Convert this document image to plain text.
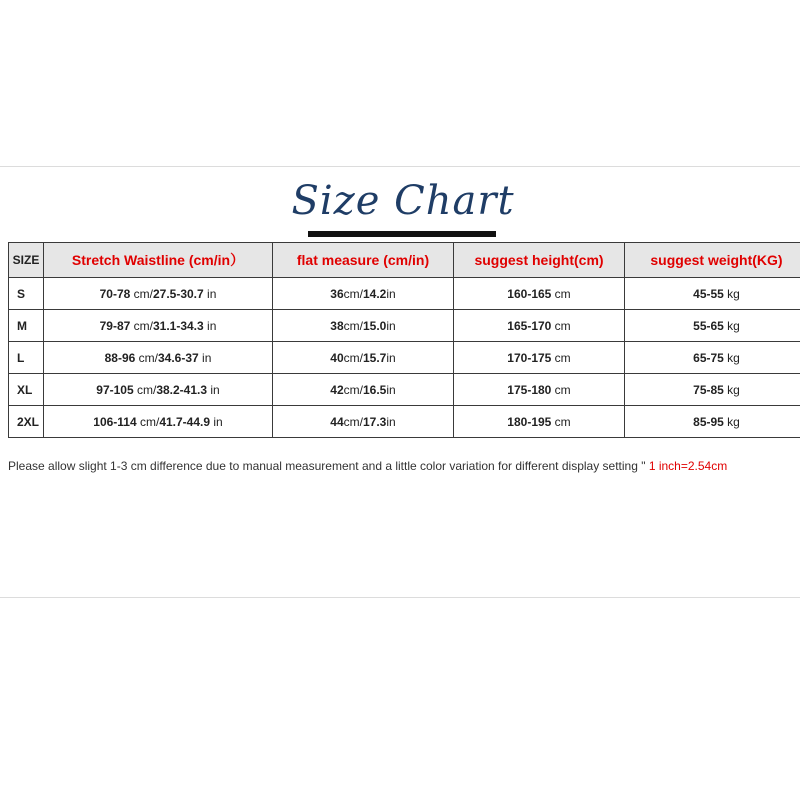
Size Chart
SIZE	Stretch Waistline (cm/in）	flat measure (cm/in)	suggest height(cm)	suggest weight(KG)
S	70-78 cm/27.5-30.7 in	36cm/14.2in	160-165 cm	45-55 kg
M	79-87 cm/31.1-34.3 in	38cm/15.0in	165-170 cm	55-65 kg
L	88-96 cm/34.6-37 in	40cm/15.7in	170-175 cm	65-75 kg
XL	97-105 cm/38.2-41.3 in	42cm/16.5in	175-180 cm	75-85 kg
2XL	106-114 cm/41.7-44.9 in	44cm/17.3in	180-195 cm	85-95 kg
Please allow slight 1-3 cm difference due to manual measurement and a little color variation for different display setting " 1 inch=2.54cm
